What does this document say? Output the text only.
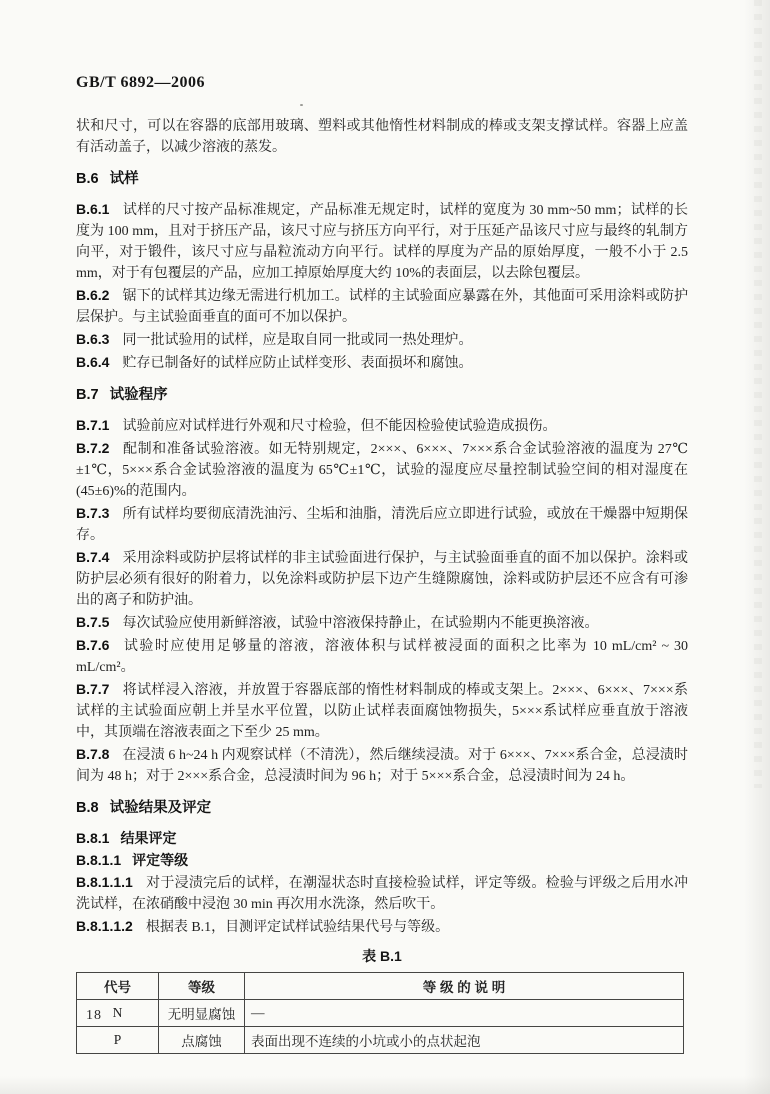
GB/T 6892—2006
状和尺寸，可以在容器的底部用玻璃、塑料或其他惰性材料制成的棒或支架支撑试样。容器上应盖有活动盖子，以减少溶液的蒸发。
B.6 试样
B.6.1 试样的尺寸按产品标准规定，产品标准无规定时，试样的宽度为 30 mm~50 mm；试样的长度为 100 mm，且对于挤压产品，该尺寸应与挤压方向平行，对于压延产品该尺寸应与最终的轧制方向平，对于锻件，该尺寸应与晶粒流动方向平行。试样的厚度为产品的原始厚度，一般不小于 2.5 mm，对于有包覆层的产品，应加工掉原始厚度大约 10%的表面层，以去除包覆层。
B.6.2 锯下的试样其边缘无需进行机加工。试样的主试验面应暴露在外，其他面可采用涂料或防护层保护。与主试验面垂直的面可不加以保护。
B.6.3 同一批试验用的试样，应是取自同一批或同一热处理炉。
B.6.4 贮存已制备好的试样应防止试样变形、表面损坏和腐蚀。
B.7 试验程序
B.7.1 试验前应对试样进行外观和尺寸检验，但不能因检验使试验造成损伤。
B.7.2 配制和准备试验溶液。如无特别规定，2×××、6×××、7×××系合金试验溶液的温度为 27℃±1℃，5×××系合金试验溶液的温度为 65℃±1℃，试验的湿度应尽量控制试验空间的相对湿度在(45±6)%的范围内。
B.7.3 所有试样均要彻底清洗油污、尘垢和油脂，清洗后应立即进行试验，或放在干燥器中短期保存。
B.7.4 采用涂料或防护层将试样的非主试验面进行保护，与主试验面垂直的面不加以保护。涂料或防护层必须有很好的附着力，以免涂料或防护层下边产生缝隙腐蚀，涂料或防护层还不应含有可渗出的离子和防护油。
B.7.5 每次试验应使用新鲜溶液，试验中溶液保持静止，在试验期内不能更换溶液。
B.7.6 试验时应使用足够量的溶液，溶液体积与试样被浸面的面积之比率为 10 mL/cm² ~ 30 mL/cm²。
B.7.7 将试样浸入溶液，并放置于容器底部的惰性材料制成的棒或支架上。2×××、6×××、7×××系试样的主试验面应朝上并呈水平位置，以防止试样表面腐蚀物损失，5×××系试样应垂直放于溶液中，其顶端在溶液表面之下至少 25 mm。
B.7.8 在浸渍 6 h~24 h 内观察试样（不清洗），然后继续浸渍。对于 6×××、7×××系合金，总浸渍时间为 48 h；对于 2×××系合金，总浸渍时间为 96 h；对于 5×××系合金，总浸渍时间为 24 h。
B.8 试验结果及评定
B.8.1 结果评定
B.8.1.1 评定等级
B.8.1.1.1 对于浸渍完后的试样，在潮湿状态时直接检验试样，评定等级。检验与评级之后用水冲洗试样，在浓硝酸中浸泡 30 min 再次用水洗涤，然后吹干。
B.8.1.1.2 根据表 B.1，目测评定试样试验结果代号与等级。
表 B.1
代号	等级	等 级 的 说 明
N	无明显腐蚀	—
P	点腐蚀	表面出现不连续的小坑或小的点状起泡
18
